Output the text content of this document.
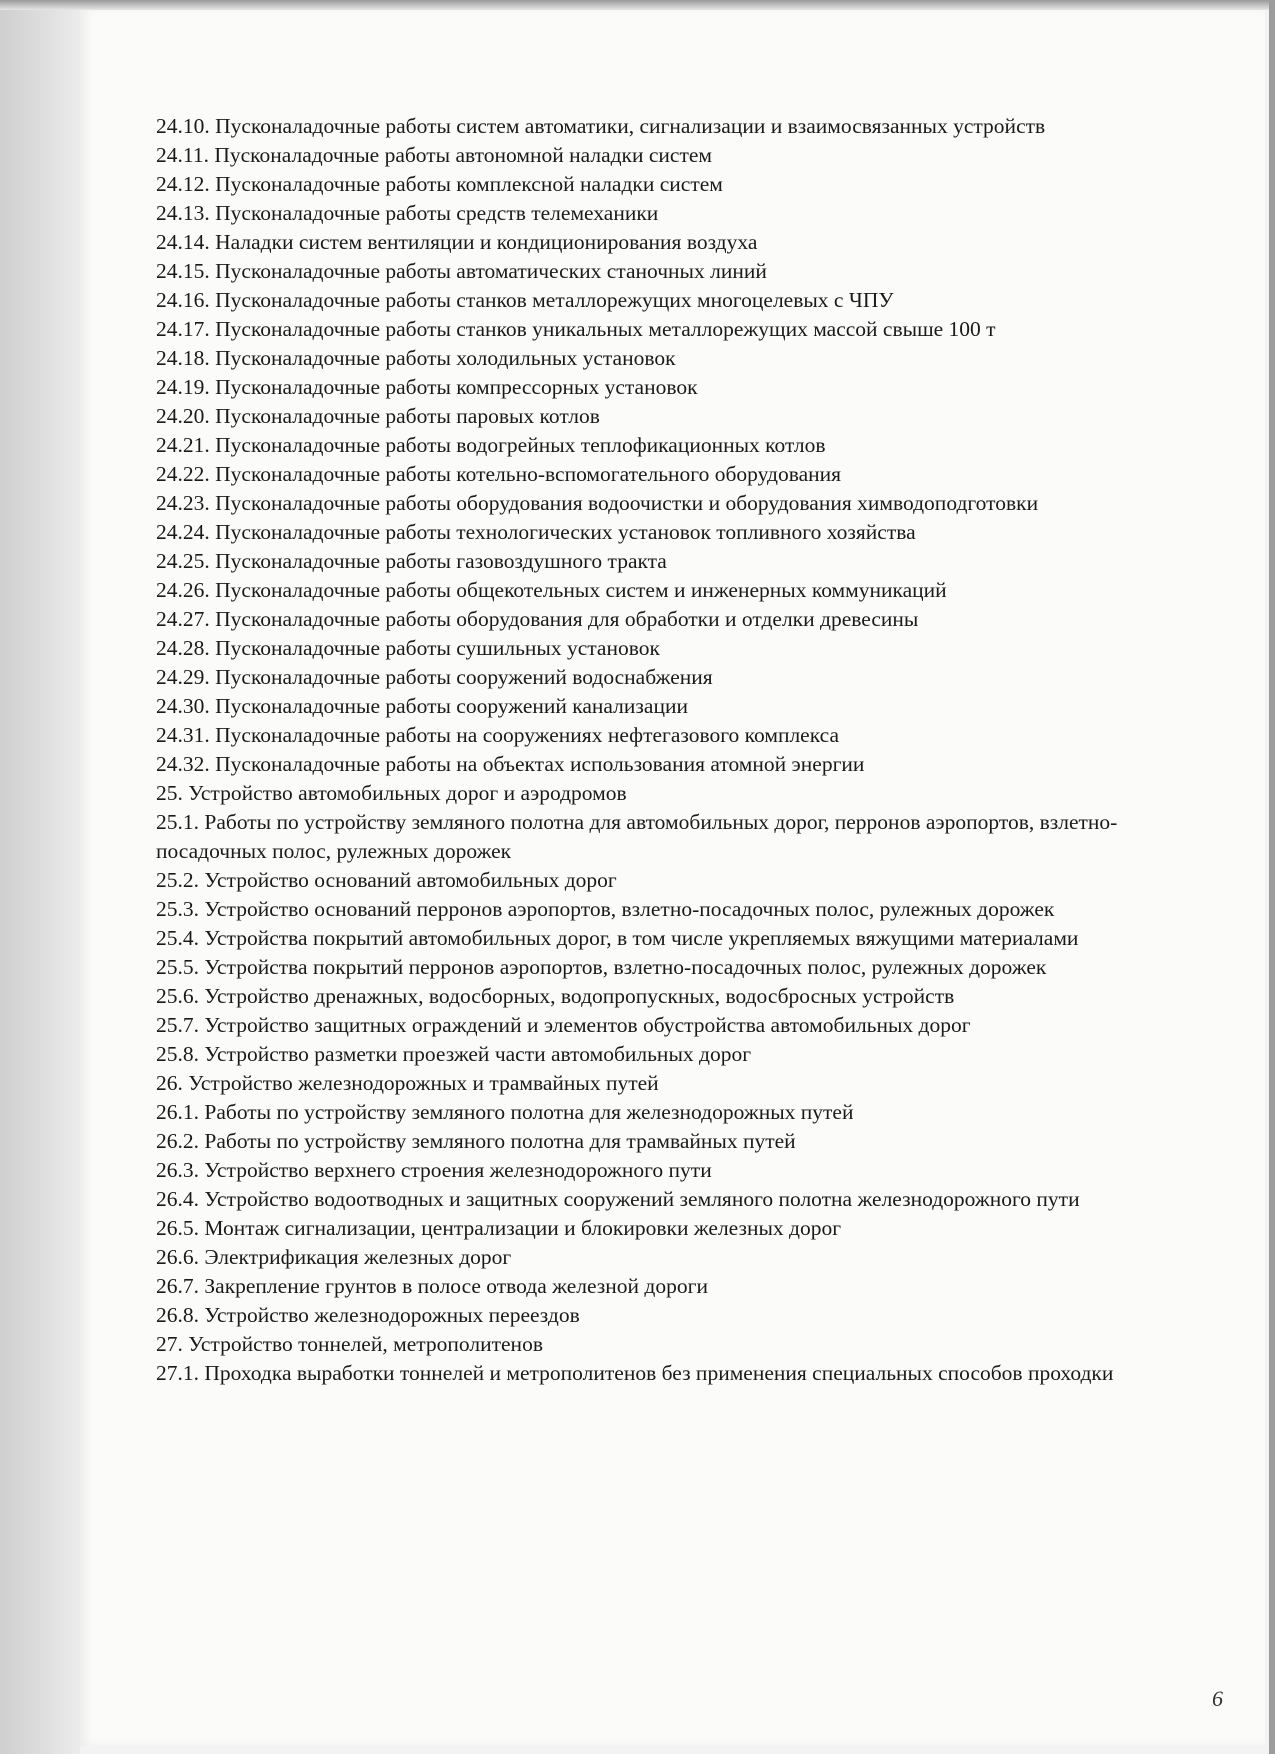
24.10. Пусконаладочные работы систем автоматики, сигнализации и взаимосвязанных устройств

24.11. Пусконаладочные работы автономной наладки систем

24.12. Пусконаладочные работы комплексной наладки систем

24.13. Пусконаладочные работы средств телемеханики

24.14. Наладки систем вентиляции и кондиционирования воздуха

24.15. Пусконаладочные работы автоматических станочных линий

24.16. Пусконаладочные работы станков металлорежущих многоцелевых с ЧПУ

24.17. Пусконаладочные работы станков уникальных металлорежущих массой свыше 100 т

24.18. Пусконаладочные работы холодильных установок

24.19. Пусконаладочные работы компрессорных установок

24.20. Пусконаладочные работы паровых котлов

24.21. Пусконаладочные работы водогрейных теплофикационных котлов

24.22. Пусконаладочные работы котельно-вспомогательного оборудования

24.23. Пусконаладочные работы оборудования водоочистки и оборудования химводоподготовки

24.24. Пусконаладочные работы технологических установок топливного хозяйства

24.25. Пусконаладочные работы газовоздушного тракта

24.26. Пусконаладочные работы общекотельных систем и инженерных коммуникаций

24.27. Пусконаладочные работы оборудования для обработки и отделки древесины

24.28. Пусконаладочные работы сушильных установок

24.29. Пусконаладочные работы сооружений водоснабжения

24.30. Пусконаладочные работы сооружений канализации

24.31. Пусконаладочные работы на сооружениях нефтегазового комплекса

24.32. Пусконаладочные работы на объектах использования атомной энергии

25. Устройство автомобильных дорог и аэродромов

25.1. Работы по устройству земляного полотна для автомобильных дорог, перронов аэропортов, взлетно-посадочных полос, рулежных дорожек

25.2. Устройство оснований автомобильных дорог

25.3. Устройство оснований перронов аэропортов, взлетно-посадочных полос, рулежных дорожек

25.4. Устройства покрытий автомобильных дорог, в том числе укрепляемых вяжущими материалами

25.5. Устройства покрытий перронов аэропортов, взлетно-посадочных полос, рулежных дорожек

25.6. Устройство дренажных, водосборных, водопропускных, водосбросных устройств

25.7. Устройство защитных ограждений и элементов обустройства автомобильных дорог

25.8. Устройство разметки проезжей части автомобильных дорог

26. Устройство железнодорожных и трамвайных путей

26.1. Работы по устройству земляного полотна для железнодорожных путей

26.2. Работы по устройству земляного полотна для трамвайных путей

26.3. Устройство верхнего строения железнодорожного пути

26.4. Устройство водоотводных и защитных сооружений земляного полотна железнодорожного пути

26.5. Монтаж сигнализации, централизации и блокировки железных дорог

26.6. Электрификация железных дорог

26.7. Закрепление грунтов в полосе отвода железной дороги

26.8. Устройство железнодорожных переездов

27. Устройство тоннелей, метрополитенов

27.1. Проходка выработки тоннелей и метрополитенов без применения специальных способов проходки

6
